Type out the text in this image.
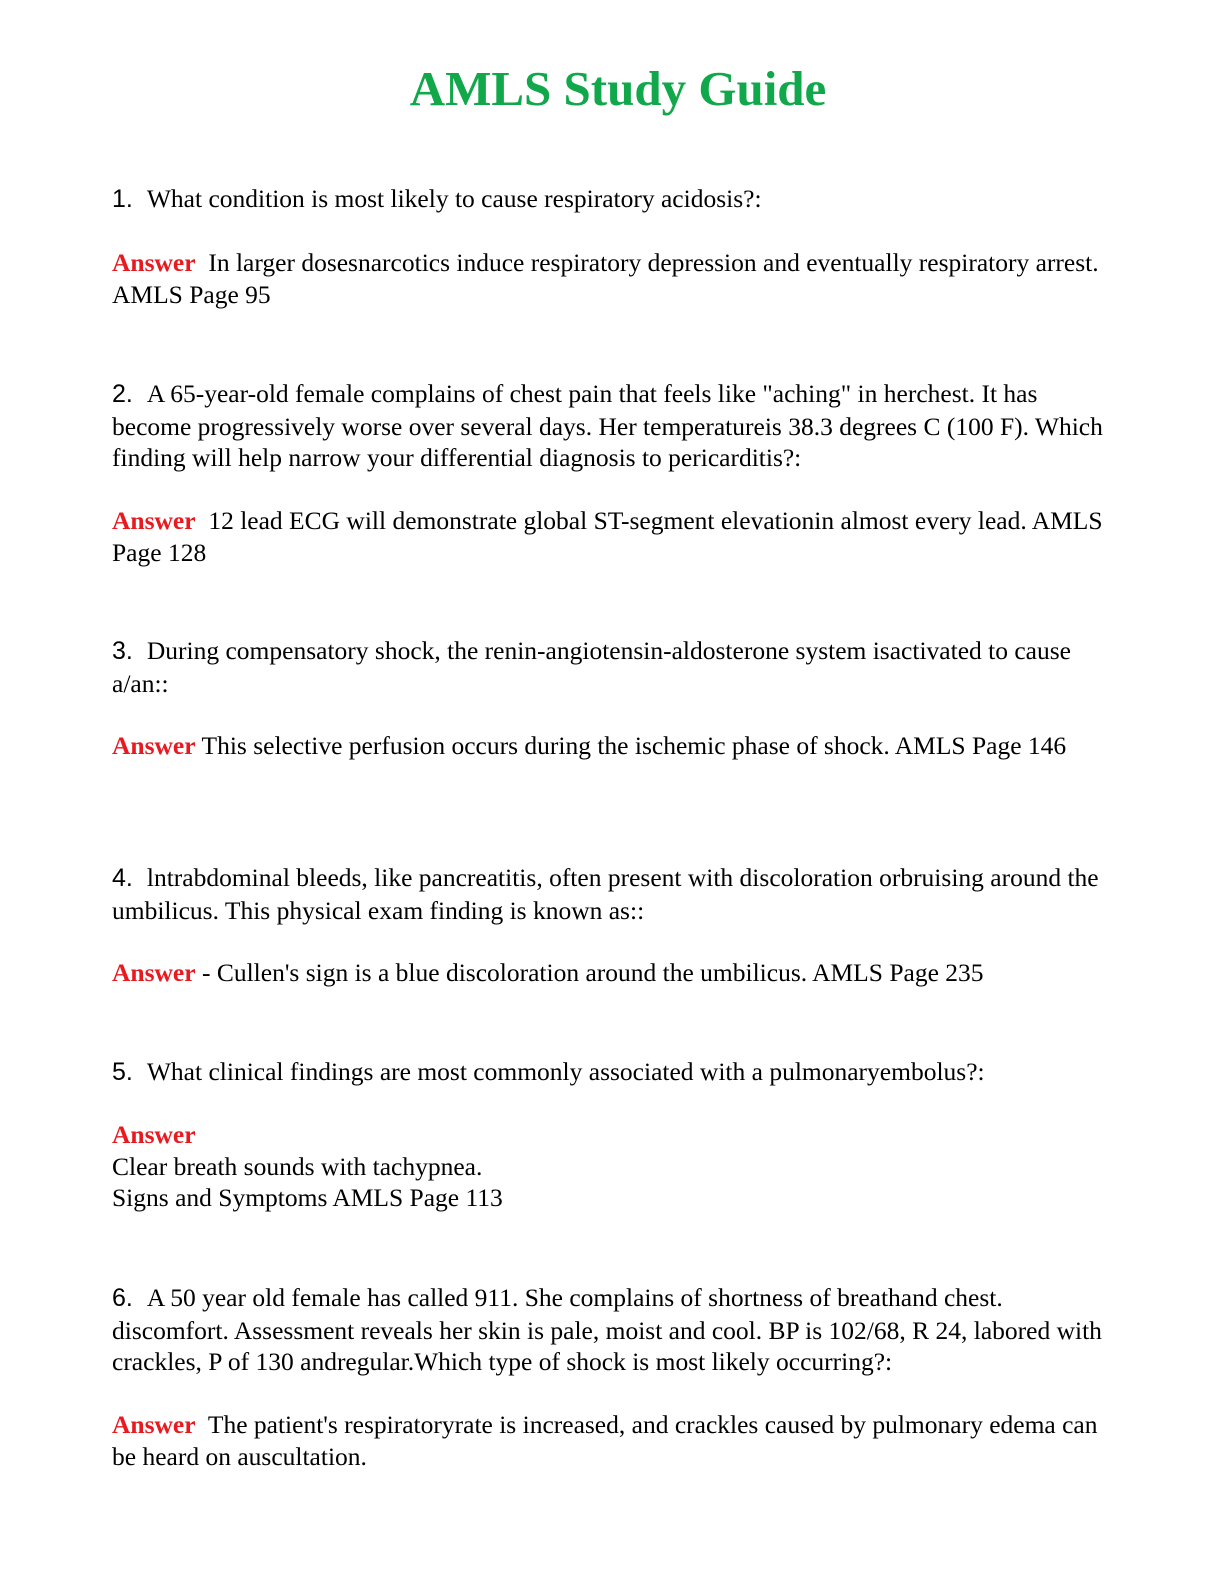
AMLS Study Guide
1. What condition is most likely to cause respiratory acidosis?:
Answer In larger dosesnarcotics induce respiratory depression and eventually respiratory arrest. AMLS Page 95
2. A 65-year-old female complains of chest pain that feels like "aching" in herchest. It has become progressively worse over several days. Her temperatureis 38.3 degrees C (100 F). Which finding will help narrow your differential diagnosis to pericarditis?:
Answer 12 lead ECG will demonstrate global ST-segment elevationin almost every lead. AMLS Page 128
3. During compensatory shock, the renin-angiotensin-aldosterone system isactivated to cause a/an::
Answer This selective perfusion occurs during the ischemic phase of shock. AMLS Page 146
4. lntrabdominal bleeds, like pancreatitis, often present with discoloration orbruising around the umbilicus. This physical exam finding is known as::
Answer - Cullen's sign is a blue discoloration around the umbilicus. AMLS Page 235
5. What clinical findings are most commonly associated with a pulmonaryembolus?:
Answer
Clear breath sounds with tachypnea.
Signs and Symptoms AMLS Page 113
6. A 50 year old female has called 911. She complains of shortness of breathand chest. discomfort. Assessment reveals her skin is pale, moist and cool. BP is 102/68, R 24, labored with crackles, P of 130 andregular.Which type of shock is most likely occurring?:
Answer The patient's respiratoryrate is increased, and crackles caused by pulmonary edema can be heard on auscultation.
